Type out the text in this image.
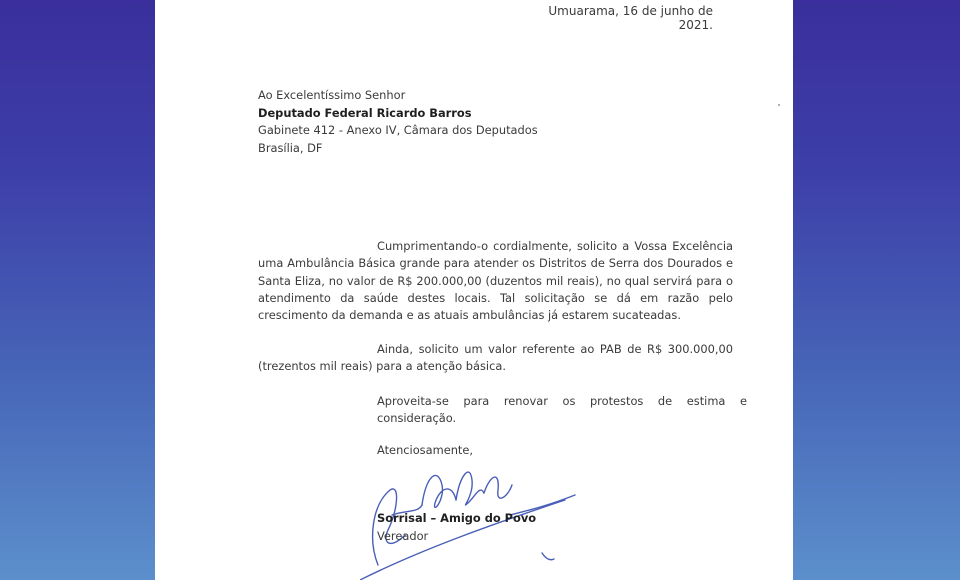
Umuarama, 16 de junho de 2021.
Ao Excelentíssimo Senhor
Deputado Federal Ricardo Barros
Gabinete 412 - Anexo IV, Câmara dos Deputados
Brasília, DF
Cumprimentando-o cordialmente, solicito a Vossa Excelência uma Ambulância Básica grande para atender os Distritos de Serra dos Dourados e Santa Eliza, no valor de R$ 200.000,00 (duzentos mil reais), no qual servirá para o atendimento da saúde destes locais. Tal solicitação se dá em razão pelo crescimento da demanda e as atuais ambulâncias já estarem sucateadas.
Ainda, solicito um valor referente ao PAB de R$ 300.000,00 (trezentos mil reais) para a atenção básica.
Aproveita-se para renovar os protestos de estima e consideração.
Atenciosamente,
Sorrisal – Amigo do Povo
Vereador
